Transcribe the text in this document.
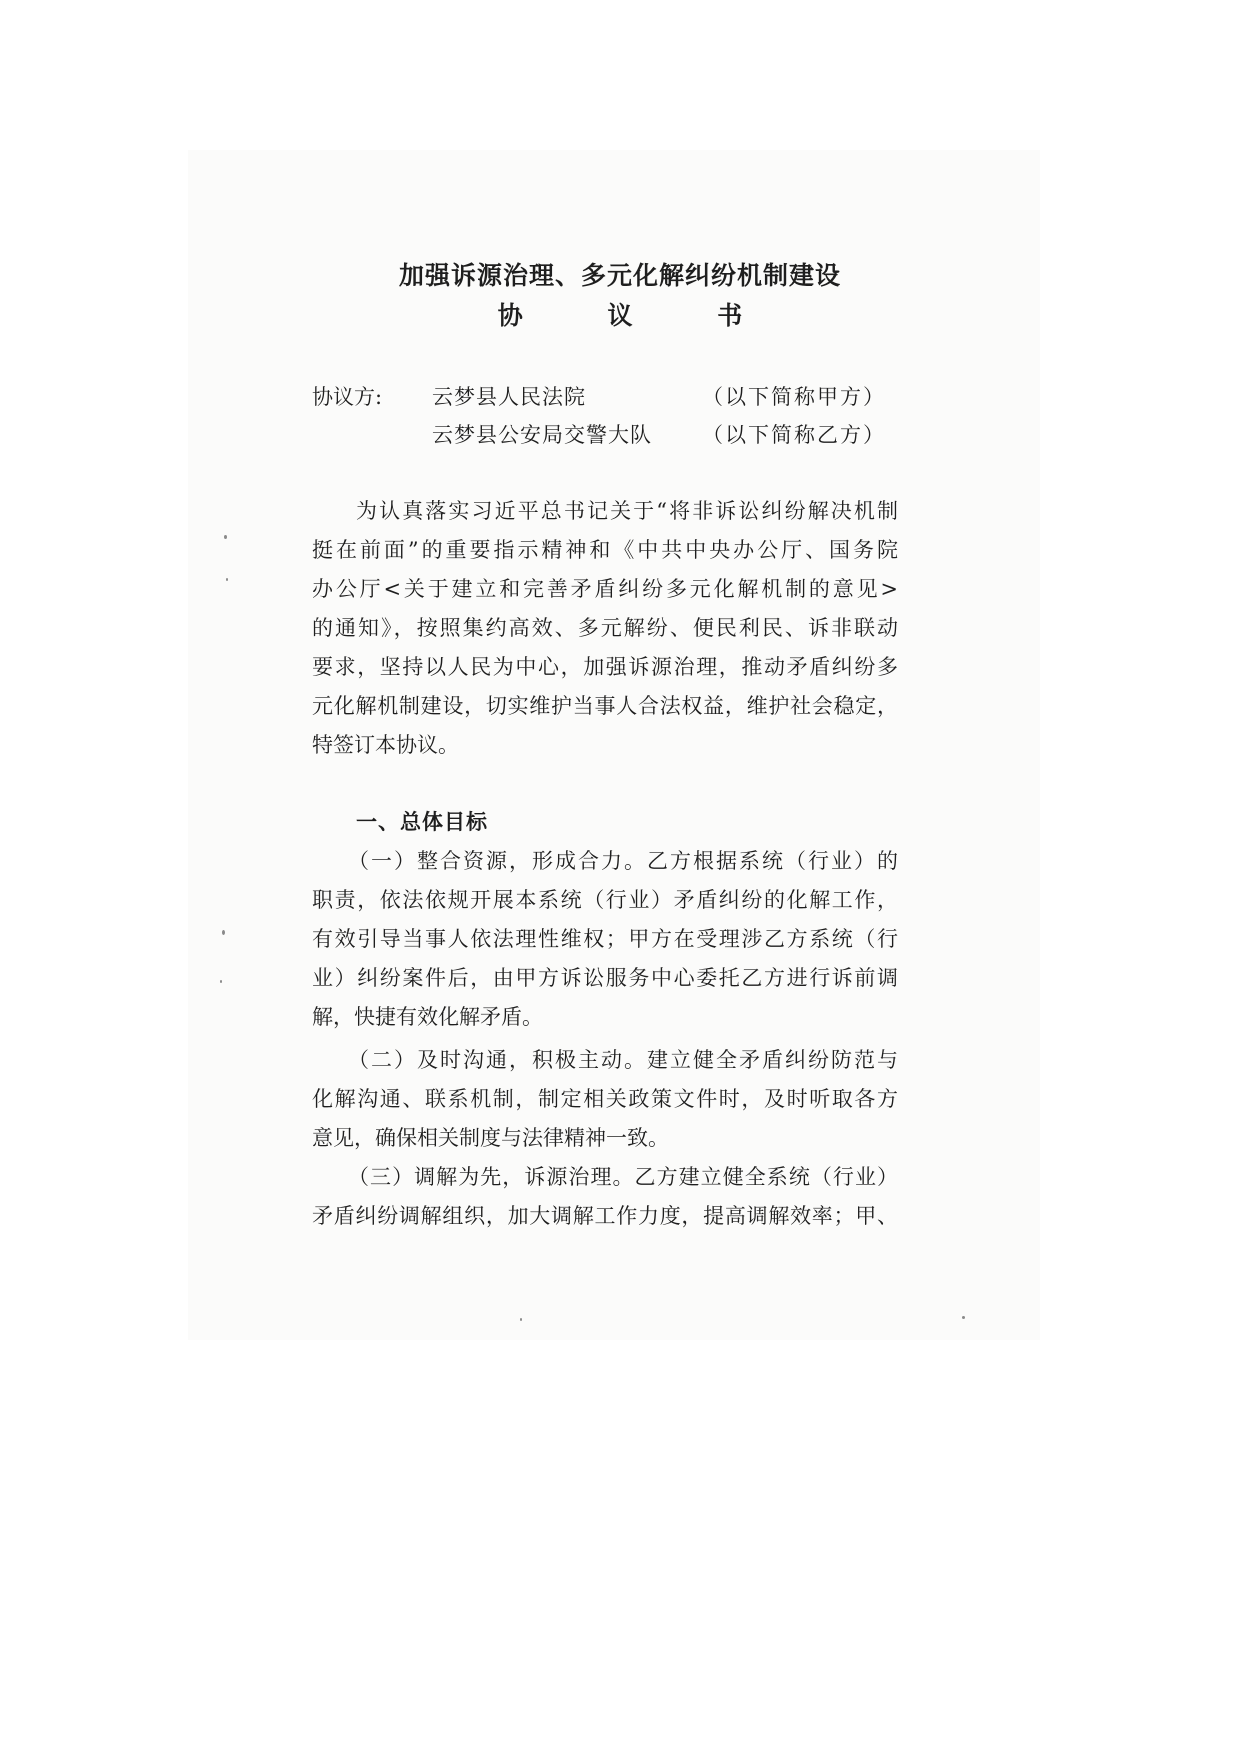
加强诉源治理、多元化解纠纷机制建设
协 议 书
协议方: 云梦县人民法院	（以下简称甲方）
云梦县公安局交警大队 （以下简称乙方）
为认真落实习近平总书记关于“将非诉讼纠纷解决机制
挺在前面”的重要指示精神和《中共中央办公厅、国务院
办公厅<关于建立和完善矛盾纠纷多元化解机制的意见>
的通知》，按照集约高效、多元解纷、便民利民、诉非联动
要求，坚持以人民为中心，加强诉源治理，推动矛盾纠纷多
元化解机制建设，切实维护当事人合法权益，维护社会稳定，
特签订本协议。
一、总体目标
（一）整合资源，形成合力。乙方根据系统（行业）的
职责，依法依规开展本系统（行业）矛盾纠纷的化解工作，
有效引导当事人依法理性维权；甲方在受理涉乙方系统（行
业）纠纷案件后，由甲方诉讼服务中心委托乙方进行诉前调
解，快捷有效化解矛盾。
（二）及时沟通，积极主动。建立健全矛盾纠纷防范与
化解沟通、联系机制，制定相关政策文件时，及时听取各方
意见，确保相关制度与法律精神一致。
（三）调解为先，诉源治理。乙方建立健全系统（行业）
矛盾纠纷调解组织，加大调解工作力度，提高调解效率；甲、
